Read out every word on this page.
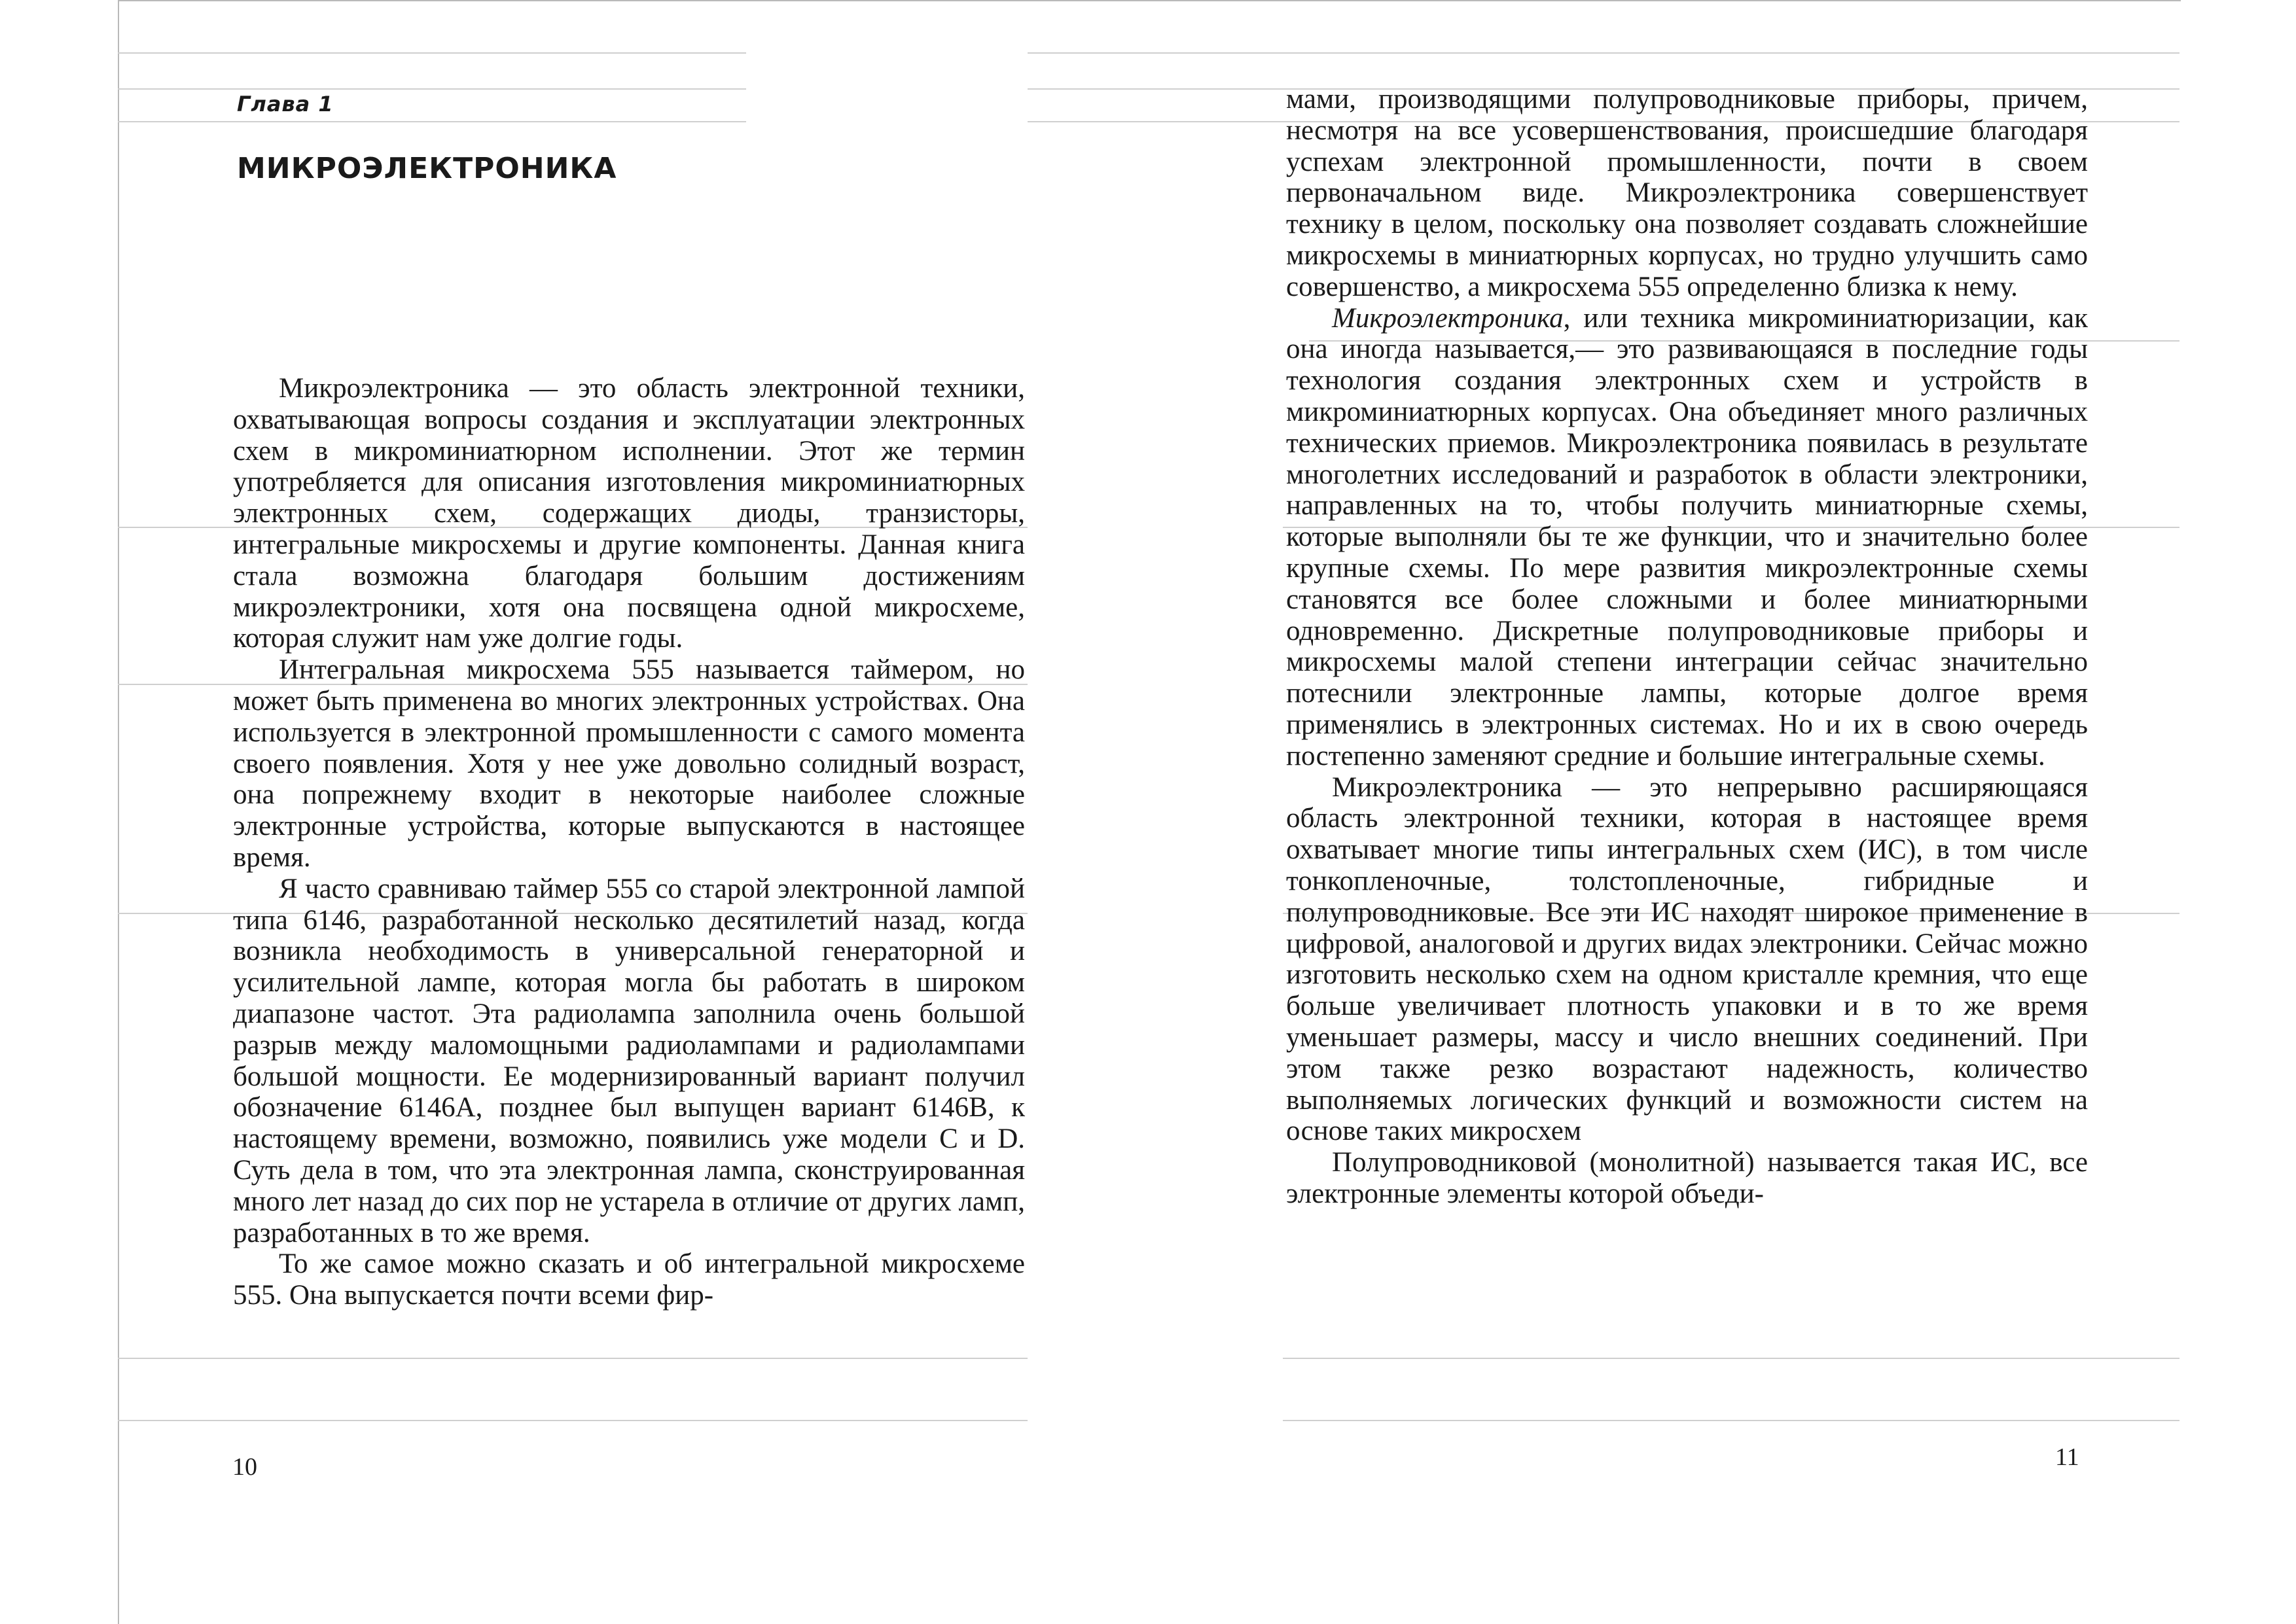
Глава 1
МИКРОЭЛЕКТРОНИКА

Микроэлектроника — это область электронной техники, охватывающая вопросы создания и эксплуатации электронных схем в микроминиатюрном исполнении. Этот же термин употребляется для описания изготовления микроминиатюрных электронных схем, содержащих диоды, транзисторы, интегральные микросхемы и другие компоненты. Данная книга стала возможна благодаря большим достижениям микроэлектроники, хотя она посвящена одной микросхеме, которая служит нам уже долгие годы.

Интегральная микросхема 555 называется таймером, но может быть применена во многих электронных устройствах. Она используется в электронной промышленности с самого момента своего появления. Хотя у нее уже довольно солидный возраст, она попрежнему входит в некоторые наиболее сложные электронные устройства, которые выпускаются в настоящее время.

Я часто сравниваю таймер 555 со старой электронной лампой типа 6146, разработанной несколько десятилетий назад, когда возникла необходимость в универсальной генераторной и усилительной лампе, которая могла бы работать в широком диапазоне частот. Эта радиолампа заполнила очень большой разрыв между маломощными радиолампами и радиолампами большой мощности. Ее модернизированный вариант получил обозначение 6146А, позднее был выпущен вариант 6146В, к настоящему времени, возможно, появились уже модели С и D. Суть дела в том, что эта электронная лампа, сконструированная много лет назад до сих пор не устарела в отличие от других ламп, разработанных в то же время.

То же самое можно сказать и об интегральной микросхеме 555. Она выпускается почти всеми фир-

10

мами, производящими полупроводниковые приборы, причем, несмотря на все усовершенствования, происшедшие благодаря успехам электронной промышленности, почти в своем первоначальном виде. Микроэлектроника совершенствует технику в целом, поскольку она позволяет создавать сложнейшие микросхемы в миниатюрных корпусах, но трудно улучшить само совершенство, а микросхема 555 определенно близка к нему.

Микроэлектроника, или техника микроминиатюризации, как она иногда называется,— это развивающаяся в последние годы технология создания электронных схем и устройств в микроминиатюрных корпусах. Она объединяет много различных технических приемов. Микроэлектроника появилась в результате многолетних исследований и разработок в области электроники, направленных на то, чтобы получить миниатюрные схемы, которые выполняли бы те же функции, что и значительно более крупные схемы. По мере развития микроэлектронные схемы становятся все более сложными и более миниатюрными одновременно. Дискретные полупроводниковые приборы и микросхемы малой степени интеграции сейчас значительно потеснили электронные лампы, которые долгое время применялись в электронных системах. Но и их в свою очередь постепенно заменяют средние и большие интегральные схемы.

Микроэлектроника — это непрерывно расширяющаяся область электронной техники, которая в настоящее время охватывает многие типы интегральных схем (ИС), в том числе тонкопленочные, толстопленочные, гибридные и полупроводниковые. Все эти ИС находят широкое применение в цифровой, аналоговой и других видах электроники. Сейчас можно изготовить несколько схем на одном кристалле кремния, что еще больше увеличивает плотность упаковки и в то же время уменьшает размеры, массу и число внешних соединений. При этом также резко возрастают надежность, количество выполняемых логических функций и возможности систем на основе таких микросхем

Полупроводниковой (монолитной) называется такая ИС, все электронные элементы которой объеди-

11
